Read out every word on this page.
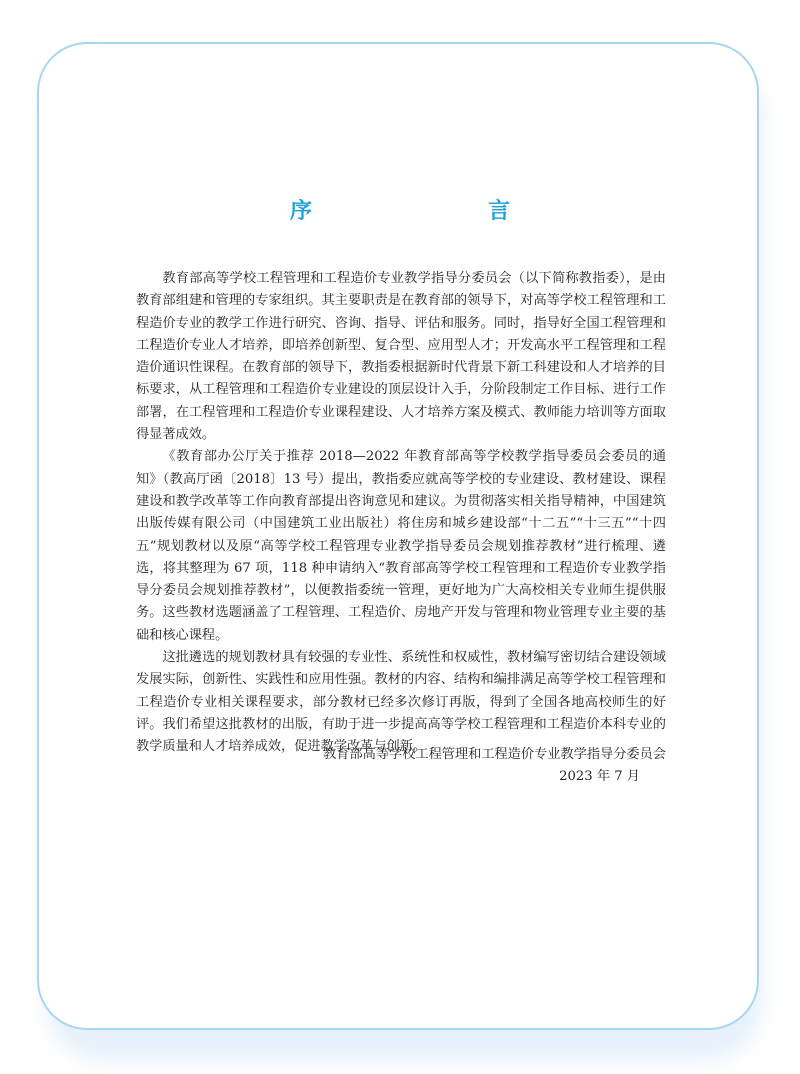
序　　言

教育部高等学校工程管理和工程造价专业教学指导分委员会（以下简称教指委），是由教育部组建和管理的专家组织。其主要职责是在教育部的领导下，对高等学校工程管理和工程造价专业的教学工作进行研究、咨询、指导、评估和服务。同时，指导好全国工程管理和工程造价专业人才培养，即培养创新型、复合型、应用型人才；开发高水平工程管理和工程造价通识性课程。在教育部的领导下，教指委根据新时代背景下新工科建设和人才培养的目标要求，从工程管理和工程造价专业建设的顶层设计入手，分阶段制定工作目标、进行工作部署，在工程管理和工程造价专业课程建设、人才培养方案及模式、教师能力培训等方面取得显著成效。

《教育部办公厅关于推荐 2018—2022 年教育部高等学校教学指导委员会委员的通知》（教高厅函〔2018〕13 号）提出，教指委应就高等学校的专业建设、教材建设、课程建设和教学改革等工作向教育部提出咨询意见和建议。为贯彻落实相关指导精神，中国建筑出版传媒有限公司（中国建筑工业出版社）将住房和城乡建设部“十二五”“十三五”“十四五”规划教材以及原“高等学校工程管理专业教学指导委员会规划推荐教材”进行梳理、遴选，将其整理为 67 项，118 种申请纳入“教育部高等学校工程管理和工程造价专业教学指导分委员会规划推荐教材”，以便教指委统一管理，更好地为广大高校相关专业师生提供服务。这些教材选题涵盖了工程管理、工程造价、房地产开发与管理和物业管理专业主要的基础和核心课程。

这批遴选的规划教材具有较强的专业性、系统性和权威性，教材编写密切结合建设领域发展实际，创新性、实践性和应用性强。教材的内容、结构和编排满足高等学校工程管理和工程造价专业相关课程要求，部分教材已经多次修订再版，得到了全国各地高校师生的好评。我们希望这批教材的出版，有助于进一步提高高等学校工程管理和工程造价本科专业的教学质量和人才培养成效，促进教学改革与创新。

教育部高等学校工程管理和工程造价专业教学指导分委员会
2023 年 7 月
